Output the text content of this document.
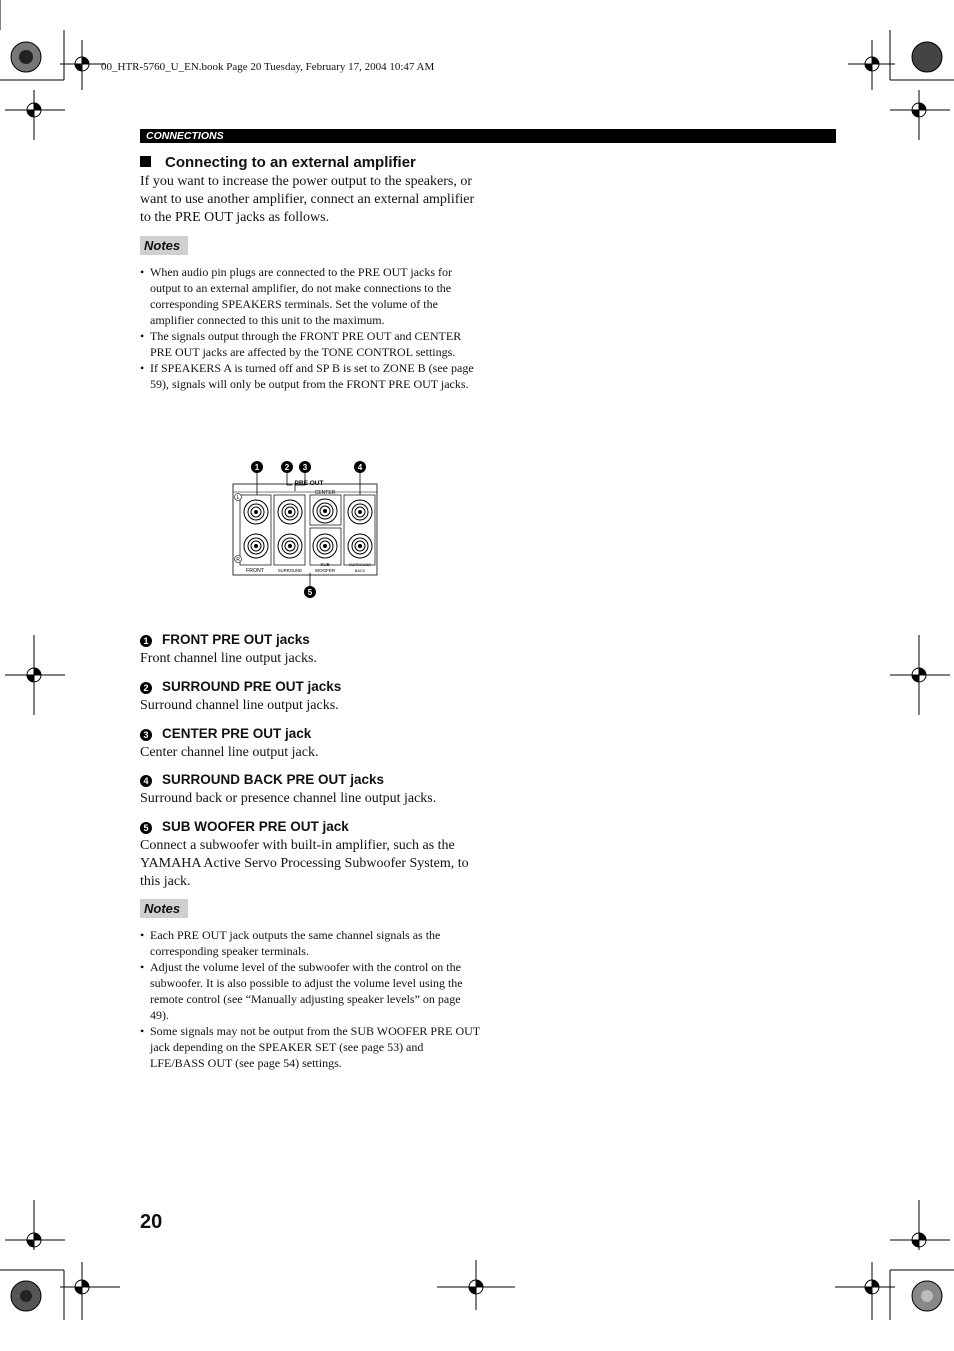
00_HTR-5760_U_EN.book Page 20 Tuesday, February 17, 2004 10:47 AM
CONNECTIONS
Connecting to an external amplifier
If you want to increase the power output to the speakers, or want to use another amplifier, connect an external amplifier to the PRE OUT jacks as follows.
Notes
• When audio pin plugs are connected to the PRE OUT jacks for output to an external amplifier, do not make connections to the corresponding SPEAKERS terminals. Set the volume of the amplifier connected to this unit to the maximum.
• The signals output through the FRONT PRE OUT and CENTER PRE OUT jacks are affected by the TONE CONTROL settings.
• If SPEAKERS A is turned off and SP B is set to ZONE B (see page 59), signals will only be output from the FRONT PRE OUT jacks.
1	2 3	4
5
PRE OUT
CENTER
L
R
FRONT	SURROUND
SUB
WOOFER
SURROUND
BACK
1 FRONT PRE OUT jacks
Front channel line output jacks.
2 SURROUND PRE OUT jacks
Surround channel line output jacks.
3 CENTER PRE OUT jack
Center channel line output jack.
4 SURROUND BACK PRE OUT jacks
Surround back or presence channel line output jacks.
5 SUB WOOFER PRE OUT jack
Connect a subwoofer with built-in amplifier, such as the YAMAHA Active Servo Processing Subwoofer System, to this jack.
Notes
• Each PRE OUT jack outputs the same channel signals as the corresponding speaker terminals.
• Adjust the volume level of the subwoofer with the control on the subwoofer. It is also possible to adjust the volume level using the remote control (see “Manually adjusting speaker levels” on page 49).
• Some signals may not be output from the SUB WOOFER PRE OUT jack depending on the SPEAKER SET (see page 53) and LFE/BASS OUT (see page 54) settings.
20
